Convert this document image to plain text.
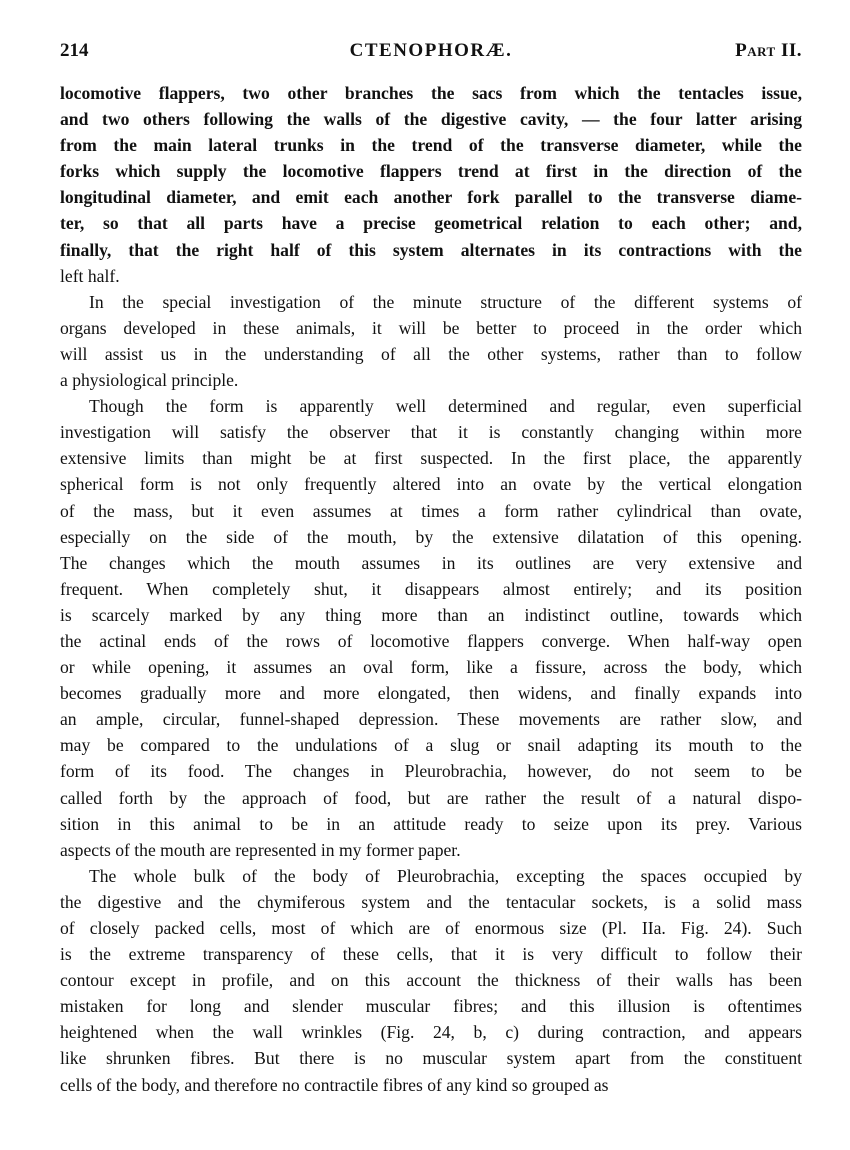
214	CTENOPHORÆ.	Part II.
locomotive flappers, two other branches the sacs from which the tentacles issue,
and two others following the walls of the digestive cavity, — the four latter arising
from the main lateral trunks in the trend of the transverse diameter, while the
forks which supply the locomotive flappers trend at first in the direction of the
longitudinal diameter, and emit each another fork parallel to the transverse diame-
ter, so that all parts have a precise geometrical relation to each other; and,
finally, that the right half of this system alternates in its contractions with the
left half.
In the special investigation of the minute structure of the different systems of
organs developed in these animals, it will be better to proceed in the order which
will assist us in the understanding of all the other systems, rather than to follow
a physiological principle.
Though the form is apparently well determined and regular, even superficial
investigation will satisfy the observer that it is constantly changing within more
extensive limits than might be at first suspected. In the first place, the apparently
spherical form is not only frequently altered into an ovate by the vertical elongation
of the mass, but it even assumes at times a form rather cylindrical than ovate,
especially on the side of the mouth, by the extensive dilatation of this opening.
The changes which the mouth assumes in its outlines are very extensive and
frequent. When completely shut, it disappears almost entirely; and its position
is scarcely marked by any thing more than an indistinct outline, towards which
the actinal ends of the rows of locomotive flappers converge. When half-way open
or while opening, it assumes an oval form, like a fissure, across the body, which
becomes gradually more and more elongated, then widens, and finally expands into
an ample, circular, funnel-shaped depression. These movements are rather slow, and
may be compared to the undulations of a slug or snail adapting its mouth to the
form of its food. The changes in Pleurobrachia, however, do not seem to be
called forth by the approach of food, but are rather the result of a natural dispo-
sition in this animal to be in an attitude ready to seize upon its prey. Various
aspects of the mouth are represented in my former paper.
The whole bulk of the body of Pleurobrachia, excepting the spaces occupied by
the digestive and the chymiferous system and the tentacular sockets, is a solid mass
of closely packed cells, most of which are of enormous size (Pl. IIa. Fig. 24). Such
is the extreme transparency of these cells, that it is very difficult to follow their
contour except in profile, and on this account the thickness of their walls has been
mistaken for long and slender muscular fibres; and this illusion is oftentimes
heightened when the wall wrinkles (Fig. 24, b, c) during contraction, and appears
like shrunken fibres. But there is no muscular system apart from the constituent
cells of the body, and therefore no contractile fibres of any kind so grouped as
